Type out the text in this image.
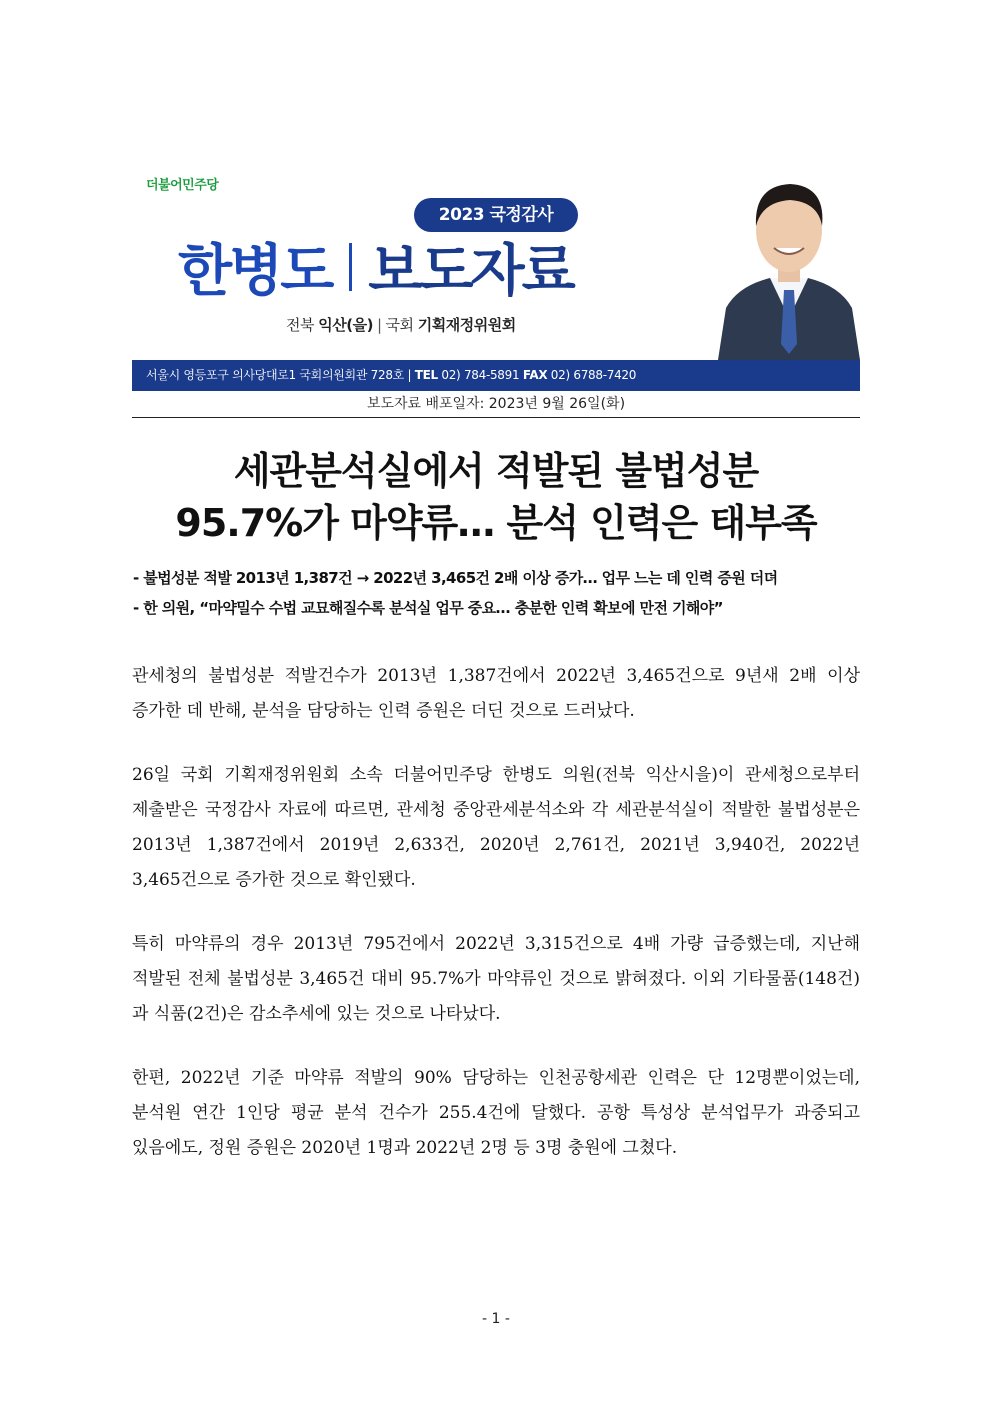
더불어민주당
2023 국정감사
한병도 보도자료
전북 익산(을) | 국회 기획재정위원회
서울시 영등포구 의사당대로1 국회의원회관 728호 | TEL 02) 784-5891 FAX 02) 6788-7420
보도자료 배포일자: 2023년 9월 26일(화)
세관분석실에서 적발된 불법성분
95.7%가 마약류… 분석 인력은 태부족
- 불법성분 적발 2013년 1,387건 → 2022년 3,465건 2배 이상 증가… 업무 느는 데 인력 증원 더뎌
- 한 의원, “마약밀수 수법 교묘해질수록 분석실 업무 중요… 충분한 인력 확보에 만전 기해야”

관세청의 불법성분 적발건수가 2013년 1,387건에서 2022년 3,465건으로 9년새 2배 이상 증가한 데 반해, 분석을 담당하는 인력 증원은 더딘 것으로 드러났다.

26일 국회 기획재정위원회 소속 더불어민주당 한병도 의원(전북 익산시을)이 관세청으로부터 제출받은 국정감사 자료에 따르면, 관세청 중앙관세분석소와 각 세관분석실이 적발한 불법성분은 2013년 1,387건에서 2019년 2,633건, 2020년 2,761건, 2021년 3,940건, 2022년 3,465건으로 증가한 것으로 확인됐다.

특히 마약류의 경우 2013년 795건에서 2022년 3,315건으로 4배 가량 급증했는데, 지난해 적발된 전체 불법성분 3,465건 대비 95.7%가 마약류인 것으로 밝혀졌다. 이외 기타물품(148건)과 식품(2건)은 감소추세에 있는 것으로 나타났다.

한편, 2022년 기준 마약류 적발의 90% 담당하는 인천공항세관 인력은 단 12명뿐이었는데, 분석원 연간 1인당 평균 분석 건수가 255.4건에 달했다. 공항 특성상 분석업무가 과중되고 있음에도, 정원 증원은 2020년 1명과 2022년 2명 등 3명 충원에 그쳤다.

- 1 -
